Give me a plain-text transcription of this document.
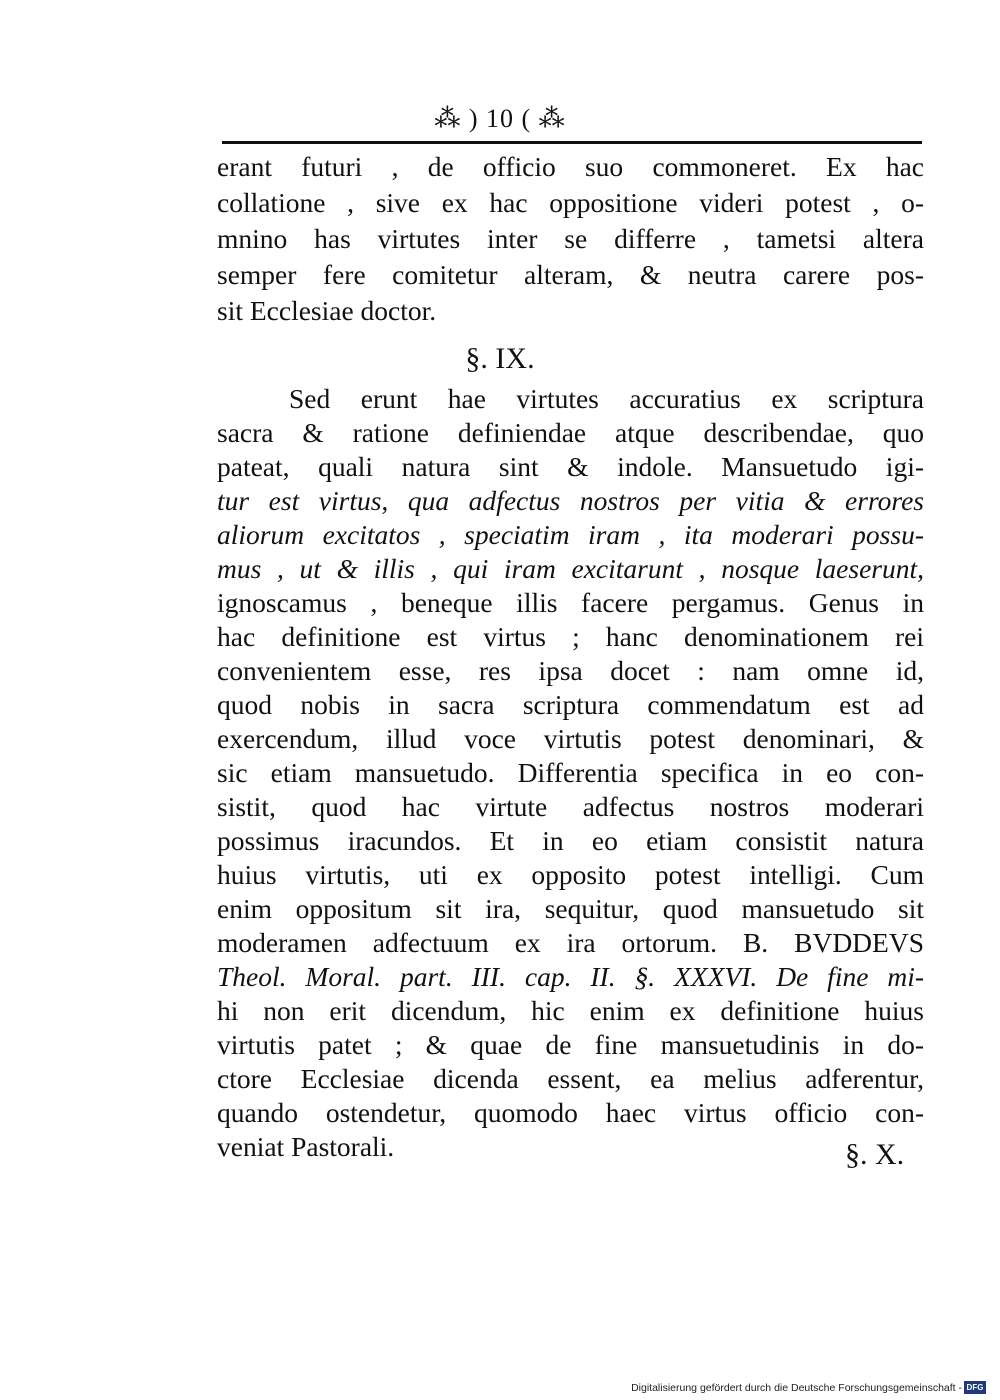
⁂ ) 10 ( ⁂
erant futuri , de officio suo commoneret. Ex hac
collatione , sive ex hac oppositione videri potest , o-
mnino has virtutes inter se differre , tametsi altera
semper fere comitetur alteram, & neutra carere pos-
sit Ecclesiae doctor.
§. IX.
Sed erunt hae virtutes accuratius ex scriptura
sacra & ratione definiendae atque describendae, quo
pateat, quali natura sint & indole. Mansuetudo igi-
tur est virtus, qua adfectus nostros per vitia & errores
aliorum excitatos , speciatim iram , ita moderari possu-
mus , ut & illis , qui iram excitarunt , nosque laeserunt,
ignoscamus , beneque illis facere pergamus. Genus in
hac definitione est virtus ; hanc denominationem rei
convenientem esse, res ipsa docet : nam omne id,
quod nobis in sacra scriptura commendatum est ad
exercendum, illud voce virtutis potest denominari, &
sic etiam mansuetudo. Differentia specifica in eo con-
sistit, quod hac virtute adfectus nostros moderari
possimus iracundos. Et in eo etiam consistit natura
huius virtutis, uti ex opposito potest intelligi. Cum
enim oppositum sit ira, sequitur, quod mansuetudo sit
moderamen adfectuum ex ira ortorum. B. BVDDEVS
Theol. Moral. part. III. cap. II. §. XXXVI. De fine mi-
hi non erit dicendum, hic enim ex definitione huius
virtutis patet ; & quae de fine mansuetudinis in do-
ctore Ecclesiae dicenda essent, ea melius adferentur,
quando ostendetur, quomodo haec virtus officio con-
veniat Pastorali.	§. X.
Digitalisierung gefördert durch die Deutsche Forschungsgemeinschaft - DFG
